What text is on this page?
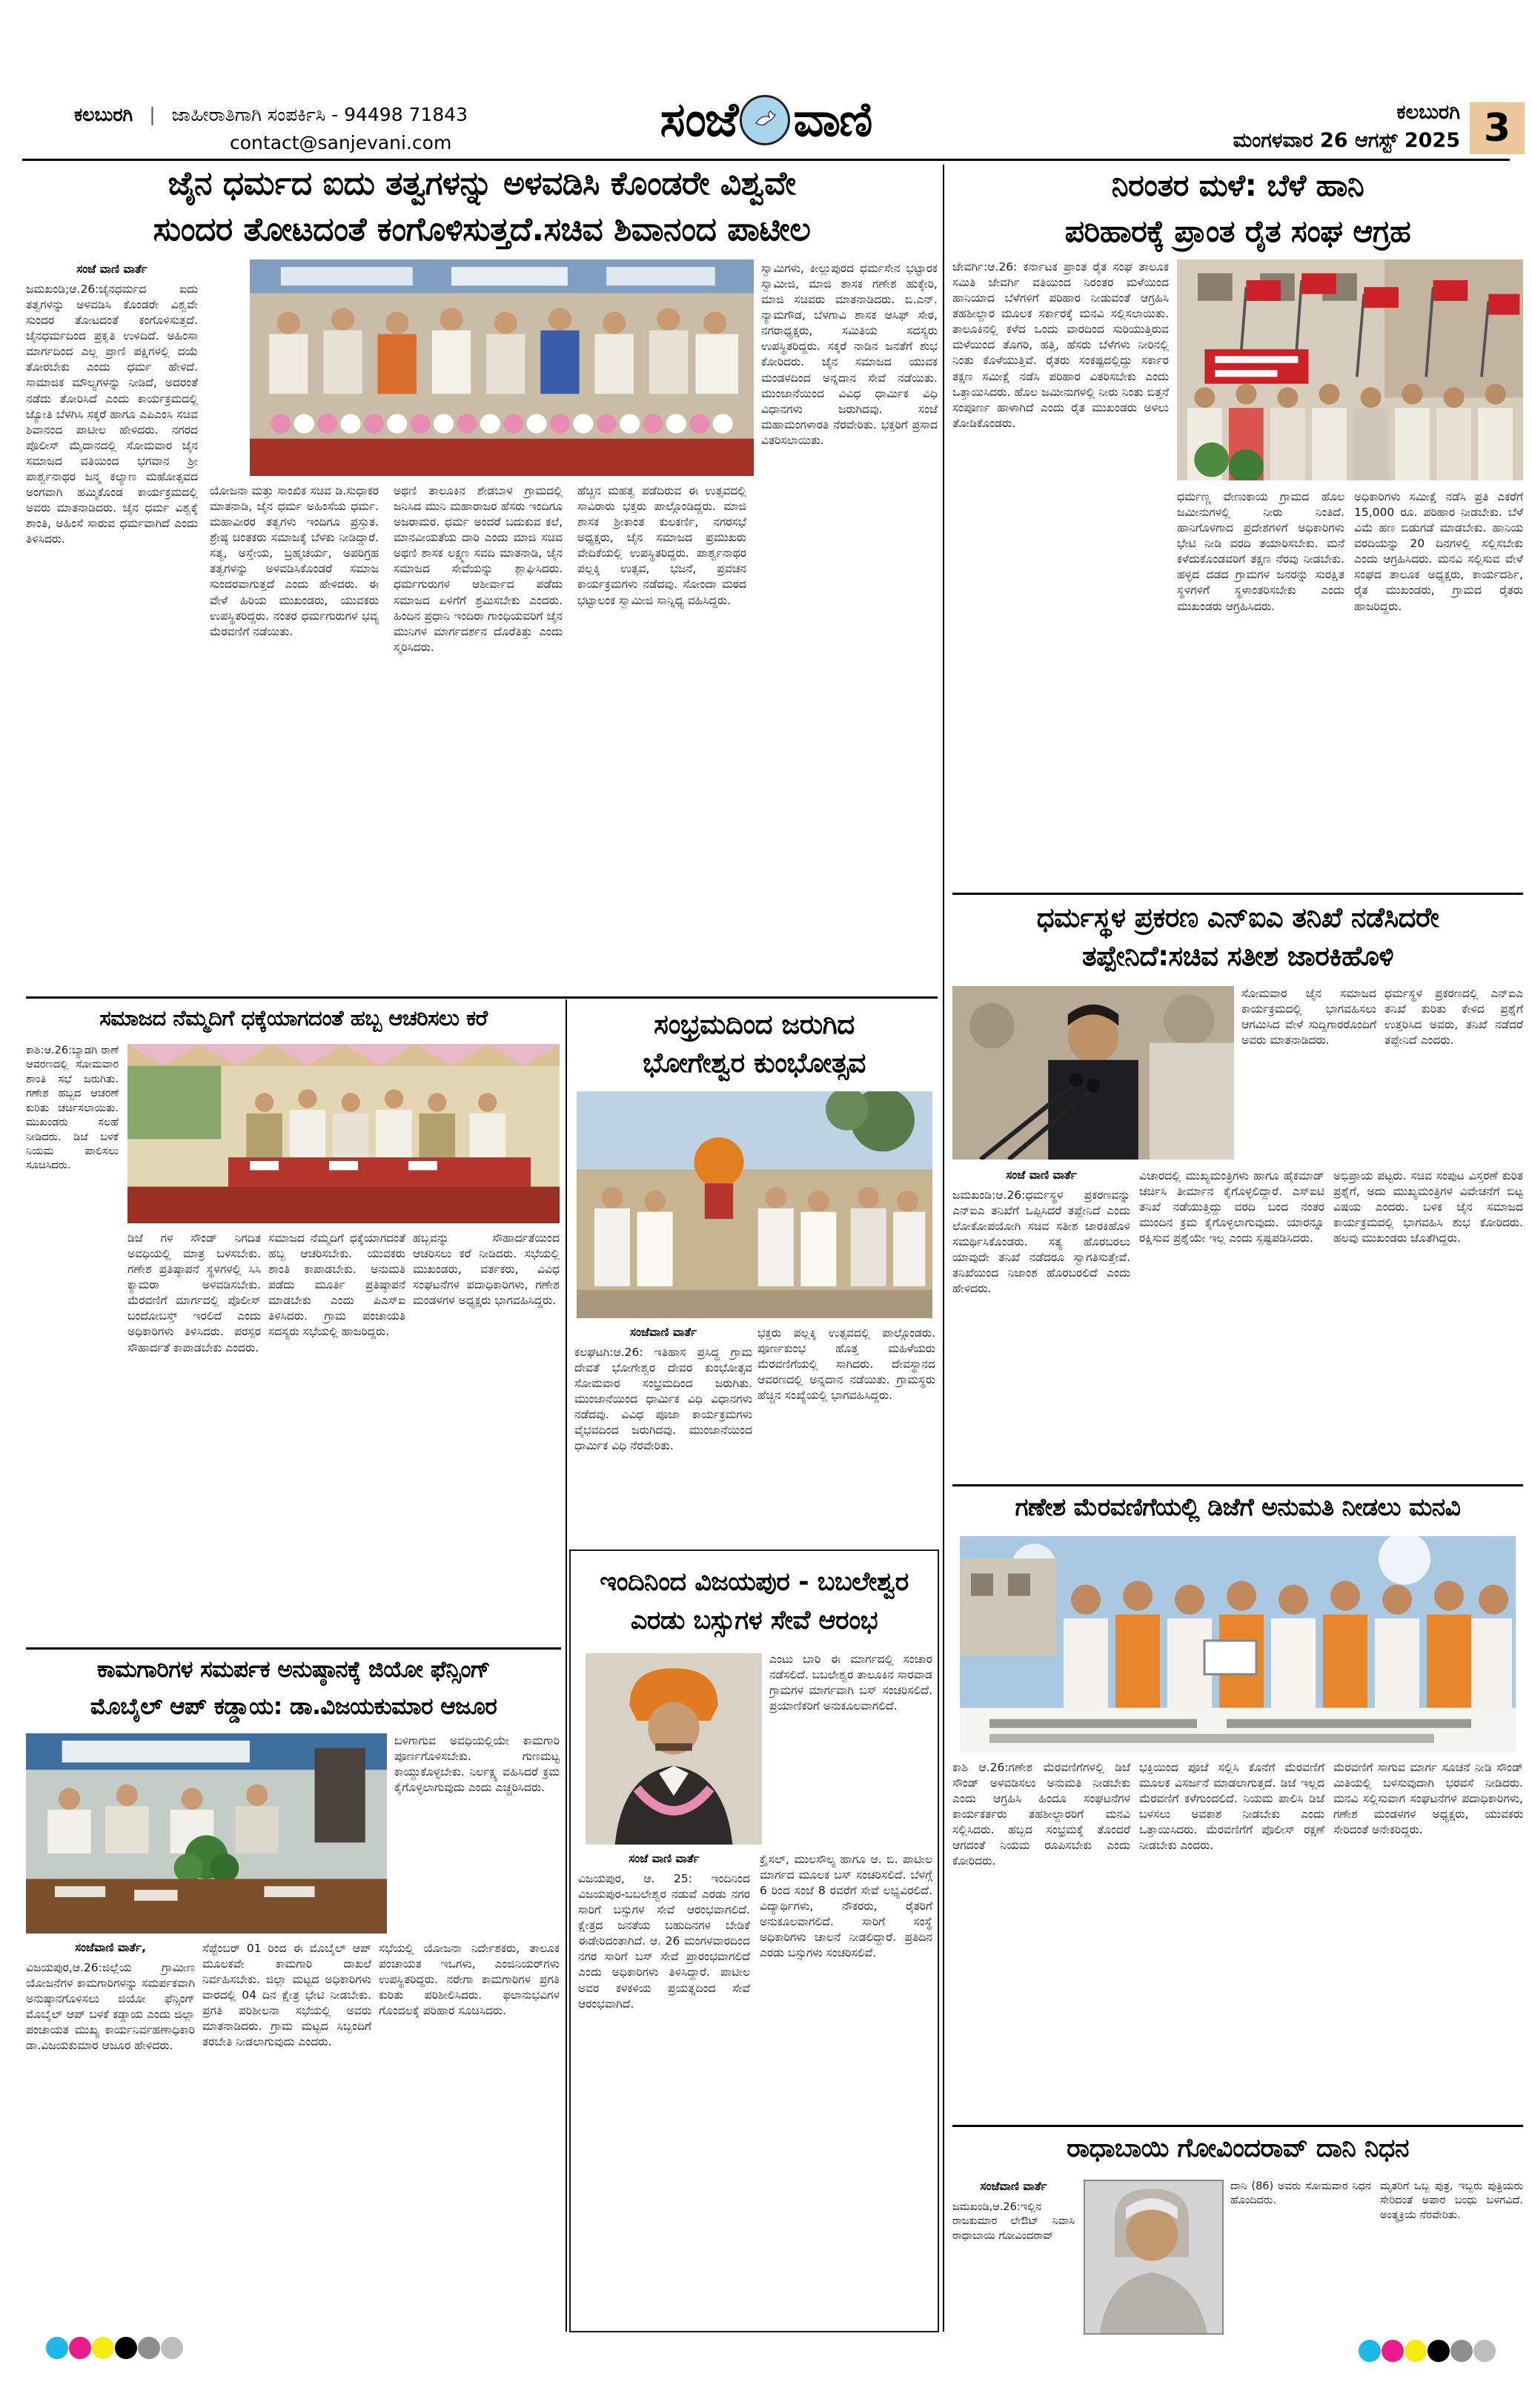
ಕಲಬುರಗಿ | ಜಾಹೀರಾತಿಗಾಗಿ ಸಂಪರ್ಕಿಸಿ - 94498 71843
contact@sanjevani.com	ಸಂಜೆ ವಾಣಿ	ಕಲಬುರಗಿ
ಮಂಗಳವಾರ 26 ಆಗಸ್ಟ್ 2025 3
ಜೈನ ಧರ್ಮದ ಐದು ತತ್ವಗಳನ್ನು ಅಳವಡಿಸಿ ಕೊಂಡರೇ ವಿಶ್ವವೇ
ಸುಂದರ ತೋಟದಂತೆ ಕಂಗೊಳಿಸುತ್ತದೆ.ಸಚಿವ ಶಿವಾನಂದ ಪಾಟೀಲ
ಸಂಜೆ ವಾಣಿ ವಾರ್ತೆ
ಜಮಖಂಡಿ;ಆ.26:ಜೈನಧರ್ಮದ ಐದು ತತ್ವಗಳನ್ನು ಅಳವಡಿಸಿ ಕೊಂಡರೇ ವಿಶ್ವವೇ ಸುಂದರ ತೋಟದಂತೆ ಕಂಗೊಳಿಸುತ್ತದೆ. ಜೈನಧರ್ಮದಿಂದ ಪ್ರಕೃತಿ ಉಳಿದಿದೆ. ಅಹಿಂಸಾ ಮಾರ್ಗದಿಂದ ಎಲ್ಲ ಪ್ರಾಣಿ ಪಕ್ಷಿಗಳಲ್ಲಿ ದಯೆ ತೋರಬೇಕು ಎಂದು ಧರ್ಮ ಹೇಳಿದೆ. ಸಾಮಾಜಿಕ ಮೌಲ್ಯಗಳನ್ನು ನೀಡಿದೆ, ಅದರಂತೆ ನಡೆದು ತೋರಿಸಿದೆ ಎಂದು ಕಾರ್ಯಕ್ರಮದಲ್ಲಿ ಜ್ಯೋತಿ ಬೆಳಗಿಸಿ ಸಕ್ಕರೆ ಹಾಗೂ ಎಪಿಎಂಸಿ ಸಚಿವ ಶಿವಾನಂದ ಪಾಟೀಲ ಹೇಳಿದರು. ನಗರದ ಪೊಲೀಸ್ ಮೈದಾನದಲ್ಲಿ ಸೋಮವಾರ ಜೈನ ಸಮಾಜದ ವತಿಯಿಂದ ಭಗವಾನ ಶ್ರೀ ಪಾರ್ಶ್ವನಾಥರ ಜನ್ಮ ಕಲ್ಯಾಣ ಮಹೋತ್ಸವದ ಅಂಗವಾಗಿ ಹಮ್ಮಿಕೊಂಡ ಕಾರ್ಯಕ್ರಮದಲ್ಲಿ ಅವರು ಮಾತನಾಡಿದರು. ಜೈನ ಧರ್ಮ ವಿಶ್ವಕ್ಕೆ ಶಾಂತಿ, ಅಹಿಂಸೆ ಸಾರುವ ಧರ್ಮವಾಗಿದೆ ಎಂದು ತಿಳಿಸಿದರು.
ಯೋಜನಾ ಮತ್ತು ಸಾಂಖಿಕ ಸಚಿವ ಡಿ.ಸುಧಾಕರ ಮಾತನಾಡಿ, ಜೈನ ಧರ್ಮ ಅಹಿಂಸೆಯ ಧರ್ಮ. ಮಹಾವೀರರ ತತ್ವಗಳು ಇಂದಿಗೂ ಪ್ರಸ್ತುತ. ಶ್ರೇಷ್ಠ ಚಿಂತಕರು ಸಮಾಜಕ್ಕೆ ಬೆಳಕು ನೀಡಿದ್ದಾರೆ. ಸತ್ಯ, ಅಸ್ತೇಯ, ಬ್ರಹ್ಮಚರ್ಯ, ಅಪರಿಗ್ರಹ ತತ್ವಗಳನ್ನು ಅಳವಡಿಸಿಕೊಂಡರೆ ಸಮಾಜ ಸುಂದರವಾಗುತ್ತದೆ ಎಂದು ಹೇಳಿದರು. ಈ ವೇಳೆ ಹಿರಿಯ ಮುಖಂಡರು, ಯುವಕರು ಉಪಸ್ಥಿತರಿದ್ದರು. ನಂತರ ಧರ್ಮಗುರುಗಳ ಭವ್ಯ ಮೆರವಣಿಗೆ ನಡೆಯಿತು.
ಅಥಣಿ ತಾಲೂಕಿನ ಶೇಡಬಾಳ ಗ್ರಾಮದಲ್ಲಿ ಜನಿಸಿದ ಮುನಿ ಮಹಾರಾಜರ ಹೆಸರು ಇಂದಿಗೂ ಅಜರಾಮರ. ಧರ್ಮ ಅಂದರೆ ಬದುಕುವ ಕಲೆ, ಮಾನವೀಯತೆಯ ದಾರಿ ಎಂದು ಮಾಜಿ ಸಚಿವ ಅಥಣಿ ಶಾಸಕ ಲಕ್ಷ್ಮಣ ಸವದಿ ಮಾತನಾಡಿ, ಜೈನ ಸಮಾಜದ ಸೇವೆಯನ್ನು ಶ್ಲಾಘಿಸಿದರು. ಧರ್ಮಗುರುಗಳ ಆಶೀರ್ವಾದ ಪಡೆದು ಸಮಾಜದ ಏಳಿಗೆಗೆ ಶ್ರಮಿಸಬೇಕು ಎಂದರು. ಹಿಂದಿನ ಪ್ರಧಾನಿ ಇಂದಿರಾ ಗಾಂಧಿಯವರಿಗೆ ಜೈನ ಮುನಿಗಳ ಮಾರ್ಗದರ್ಶನ ದೊರೆತಿತ್ತು ಎಂದು ಸ್ಮರಿಸಿದರು.
ಹೆಚ್ಚಿನ ಮಹತ್ವ ಪಡೆದಿರುವ ಈ ಉತ್ಸವದಲ್ಲಿ ಸಾವಿರಾರು ಭಕ್ತರು ಪಾಲ್ಗೊಂಡಿದ್ದರು. ಮಾಜಿ ಶಾಸಕ ಶ್ರೀಕಾಂತ ಕುಲಕರ್ಣಿ, ನಗರಸಭೆ ಅಧ್ಯಕ್ಷರು, ಜೈನ ಸಮಾಜದ ಪ್ರಮುಖರು ವೇದಿಕೆಯಲ್ಲಿ ಉಪಸ್ಥಿತರಿದ್ದರು. ಪಾರ್ಶ್ವನಾಥರ ಪಲ್ಲಕ್ಕಿ ಉತ್ಸವ, ಭಜನೆ, ಪ್ರವಚನ ಕಾರ್ಯಕ್ರಮಗಳು ನಡೆದವು. ಸೋಂದಾ ಮಠದ ಭಟ್ಟಾಲಂಕ ಸ್ವಾಮೀಜಿ ಸಾನ್ನಿಧ್ಯ ವಹಿಸಿದ್ದರು.
ಸ್ವಾಮಿಗಳು, ಕೀಲ್ಲುಪುರದ ಧರ್ಮಸೇನ ಭಟ್ಟಾರಕ ಸ್ವಾಮೀಜಿ, ಮಾಜಿ ಶಾಸಕ ಗಣೇಶ ಹುಕ್ಕೇರಿ, ಮಾಜಿ ಸಚಿವರು ಮಾತನಾಡಿದರು. ಬಿ.ಎನ್. ನ್ಯಾಮಗೌಡ, ಬೆಳಗಾವಿ ಶಾಸಕ ಆಸಿಫ್ ಸೇಠ, ನಗರಾಧ್ಯಕ್ಷರು, ಸಮಿತಿಯ ಸದಸ್ಯರು ಉಪಸ್ಥಿತರಿದ್ದರು. ಸಕ್ಕರೆ ನಾಡಿನ ಜನತೆಗೆ ಶುಭ ಕೋರಿದರು. ಜೈನ ಸಮಾಜದ ಯುವಕ ಮಂಡಳದಿಂದ ಅನ್ನದಾನ ಸೇವೆ ನಡೆಯಿತು. ಮುಂಜಾನೆಯಿಂದ ವಿವಿಧ ಧಾರ್ಮಿಕ ವಿಧಿ ವಿಧಾನಗಳು ಜರುಗಿದವು. ಸಂಜೆ ಮಹಾಮಂಗಳಾರತಿ ನೆರವೇರಿತು. ಭಕ್ತರಿಗೆ ಪ್ರಸಾದ ವಿತರಿಸಲಾಯಿತು.
ಸಮಾಜದ ನೆಮ್ಮದಿಗೆ ಧಕ್ಕೆಯಾಗದಂತೆ ಹಬ್ಬ ಆಚರಿಸಲು ಕರೆ
ಕಾಶಿ:ಆ.26:ಬ್ಯಾಡಗಿ ಠಾಣೆ ಆವರಣದಲ್ಲಿ ಸೋಮವಾರ ಶಾಂತಿ ಸಭೆ ಜರುಗಿತು. ಗಣೇಶ ಹಬ್ಬದ ಆಚರಣೆ ಕುರಿತು ಚರ್ಚಿಸಲಾಯಿತು. ಮುಖಂಡರು ಸಲಹೆ ನೀಡಿದರು. ಡಿಜೆ ಬಳಕೆ ನಿಯಮ ಪಾಲಿಸಲು ಸೂಚಿಸಿದರು.
ಡಿಜೆ ಗಳ ಸೌಂಡ್ ನಿಗದಿತ ಅವಧಿಯಲ್ಲಿ ಮಾತ್ರ ಬಳಸಬೇಕು. ಗಣೇಶ ಪ್ರತಿಷ್ಠಾಪನೆ ಸ್ಥಳಗಳಲ್ಲಿ ಸಿಸಿ ಕ್ಯಾಮರಾ ಅಳವಡಿಸಬೇಕು. ಮೆರವಣಿಗೆ ಮಾರ್ಗದಲ್ಲಿ ಪೊಲೀಸ್ ಬಂದೋಬಸ್ತ್ ಇರಲಿದೆ ಎಂದು ಅಧಿಕಾರಿಗಳು ತಿಳಿಸಿದರು. ಪರಸ್ಪರ ಸೌಹಾರ್ದತೆ ಕಾಪಾಡಬೇಕು ಎಂದರು.
ಸಮಾಜದ ನೆಮ್ಮದಿಗೆ ಧಕ್ಕೆಯಾಗದಂತೆ ಹಬ್ಬ ಆಚರಿಸಬೇಕು. ಯುವಕರು ಶಾಂತಿ ಕಾಪಾಡಬೇಕು. ಅನುಮತಿ ಪಡೆದು ಮೂರ್ತಿ ಪ್ರತಿಷ್ಠಾಪನೆ ಮಾಡಬೇಕು ಎಂದು ಪಿಎಸ್ಐ ತಿಳಿಸಿದರು. ಗ್ರಾಮ ಪಂಚಾಯತಿ ಸದಸ್ಯರು ಸಭೆಯಲ್ಲಿ ಹಾಜರಿದ್ದರು.
ಹಬ್ಬವನ್ನು ಸೌಹಾರ್ದತೆಯಿಂದ ಆಚರಿಸಲು ಕರೆ ನೀಡಿದರು. ಸಭೆಯಲ್ಲಿ ಮುಖಂಡರು, ವರ್ತಕರು, ವಿವಿಧ ಸಂಘಟನೆಗಳ ಪದಾಧಿಕಾರಿಗಳು, ಗಣೇಶ ಮಂಡಳಗಳ ಅಧ್ಯಕ್ಷರು ಭಾಗವಹಿಸಿದ್ದರು.
ಕಾಮಗಾರಿಗಳ ಸಮರ್ಪಕ ಅನುಷ್ಠಾನಕ್ಕೆ ಜಿಯೋ ಫೆನ್ಸಿಂಗ್
ಮೊಬೈಲ್ ಆಪ್ ಕಡ್ಡಾಯ: ಡಾ.ವಿಜಯಕುಮಾರ ಆಜೂರ
ಬಳಿಗಾಗುವ ಅವಧಿಯಲ್ಲಿಯೇ ಕಾಮಗಾರಿ ಪೂರ್ಣಗೊಳಿಸಬೇಕು. ಗುಣಮಟ್ಟ ಕಾಯ್ದುಕೊಳ್ಳಬೇಕು. ನಿರ್ಲಕ್ಷ್ಯ ವಹಿಸಿದರೆ ಕ್ರಮ ಕೈಗೊಳ್ಳಲಾಗುವುದು ಎಂದು ಎಚ್ಚರಿಸಿದರು.
ಸಂಜೆವಾಣಿ ವಾರ್ತೆ,
ವಿಜಯಪುರ,ಆ.26:ಜಿಲ್ಲೆಯ ಗ್ರಾಮೀಣ ಯೋಜನೆಗಳ ಕಾಮಗಾರಿಗಳನ್ನು ಸಮರ್ಪಕವಾಗಿ ಅನುಷ್ಠಾನಗೊಳಿಸಲು ಜಿಯೋ ಫೆನ್ಸಿಂಗ್ ಮೊಬೈಲ್ ಆಪ್ ಬಳಕೆ ಕಡ್ಡಾಯ ಎಂದು ಜಿಲ್ಲಾ ಪಂಚಾಯತ ಮುಖ್ಯ ಕಾರ್ಯನಿರ್ವಹಣಾಧಿಕಾರಿ ಡಾ.ವಿಜಯಕುಮಾರ ಆಜೂರ ಹೇಳಿದರು.
ಸೆಪ್ಟೆಂಬರ್ 01 ರಿಂದ ಈ ಮೊಬೈಲ್ ಆಪ್ ಮೂಲಕವೇ ಕಾಮಗಾರಿ ದಾಖಲೆ ನಿರ್ವಹಿಸಬೇಕು. ಜಿಲ್ಲಾ ಮಟ್ಟದ ಅಧಿಕಾರಿಗಳು ವಾರದಲ್ಲಿ 04 ದಿನ ಕ್ಷೇತ್ರ ಭೇಟಿ ನೀಡಬೇಕು. ಪ್ರಗತಿ ಪರಿಶೀಲನಾ ಸಭೆಯಲ್ಲಿ ಅವರು ಮಾತನಾಡಿದರು. ಗ್ರಾಮ ಮಟ್ಟದ ಸಿಬ್ಬಂದಿಗೆ ತರಬೇತಿ ನೀಡಲಾಗುವುದು ಎಂದರು.
ಸಭೆಯಲ್ಲಿ ಯೋಜನಾ ನಿರ್ದೇಶಕರು, ತಾಲೂಕ ಪಂಚಾಯತ ಇಒಗಳು, ಎಂಜಿನಿಯರ್‌ಗಳು ಉಪಸ್ಥಿತರಿದ್ದರು. ನರೇಗಾ ಕಾಮಗಾರಿಗಳ ಪ್ರಗತಿ ಕುರಿತು ಪರಿಶೀಲಿಸಿದರು. ಫಲಾನುಭವಿಗಳ ಗೊಂದಲಕ್ಕೆ ಪರಿಹಾರ ಸೂಚಿಸಿದರು.
ಸಂಭ್ರಮದಿಂದ ಜರುಗಿದ
ಭೋಗೇಶ್ವರ ಕುಂಭೋತ್ಸವ
ಸಂಜೆವಾಣಿ ವಾರ್ತೆ
ಕಲಘಟಗಿ:ಆ.26: ಇತಿಹಾಸ ಪ್ರಸಿದ್ಧ ಗ್ರಾಮ ದೇವತೆ ಭೋಗೇಶ್ವರ ದೇವರ ಕುಂಭೋತ್ಸವ ಸೋಮವಾರ ಸಂಭ್ರಮದಿಂದ ಜರುಗಿತು. ಮುಂಜಾನೆಯಿಂದ ಧಾರ್ಮಿಕ ವಿಧಿ ವಿಧಾನಗಳು ನಡೆದವು. ವಿವಿಧ ಪೂಜಾ ಕಾರ್ಯಕ್ರಮಗಳು ವೈಭವದಿಂದ ಜರುಗಿದವು. ಮುಂಜಾನೆಯಿಂದ ಧಾರ್ಮಿಕ ವಿಧಿ ನೆರವೇರಿತು.
ಭಕ್ತರು ಪಲ್ಲಕ್ಕಿ ಉತ್ಸವದಲ್ಲಿ ಪಾಲ್ಗೊಂಡರು. ಪೂರ್ಣಕುಂಭ ಹೊತ್ತ ಮಹಿಳೆಯರು ಮೆರವಣಿಗೆಯಲ್ಲಿ ಸಾಗಿದರು. ದೇವಸ್ಥಾನದ ಆವರಣದಲ್ಲಿ ಅನ್ನದಾನ ನಡೆಯಿತು. ಗ್ರಾಮಸ್ಥರು ಹೆಚ್ಚಿನ ಸಂಖ್ಯೆಯಲ್ಲಿ ಭಾಗವಹಿಸಿದ್ದರು.
ಇಂದಿನಿಂದ ವಿಜಯಪುರ - ಬಬಲೇಶ್ವರ
ಎರಡು ಬಸ್ಸುಗಳ ಸೇವೆ ಆರಂಭ
ಎಂಟು ಬಾರಿ ಈ ಮಾರ್ಗದಲ್ಲಿ ಸಂಚಾರ ನಡೆಸಲಿದೆ. ಬಬಲೇಶ್ವರ ತಾಲೂಕಿನ ಸಾರವಾಡ ಗ್ರಾಮಗಳ ಮಾರ್ಗವಾಗಿ ಬಸ್ ಸಂಚರಿಸಲಿದೆ. ಪ್ರಯಾಣಿಕರಿಗೆ ಅನುಕೂಲವಾಗಲಿದೆ.
ಸಂಜೆ ವಾಣಿ ವಾರ್ತೆ
ವಿಜಯಪುರ, ಆ. 25: ಇಂದಿನಿಂದ ವಿಜಯಪುರ-ಬಬಲೇಶ್ವರ ನಡುವೆ ಎರಡು ನಗರ ಸಾರಿಗೆ ಬಸ್ಸುಗಳ ಸೇವೆ ಆರಂಭವಾಗಲಿದೆ. ಕ್ಷೇತ್ರದ ಜನತೆಯ ಬಹುದಿನಗಳ ಬೇಡಿಕೆ ಈಡೇರಿದಂತಾಗಿದೆ. ಆ. 26 ಮಂಗಳವಾರದಿಂದ ನಗರ ಸಾರಿಗೆ ಬಸ್ ಸೇವೆ ಪ್ರಾರಂಭವಾಗಲಿದೆ ಎಂದು ಅಧಿಕಾರಿಗಳು ತಿಳಿಸಿದ್ದಾರೆ. ಪಾಟೀಲ ಅವರ ಕಳಕಳಿಯ ಪ್ರಯತ್ನದಿಂದ ಸೇವೆ ಆರಂಭವಾಗಿದೆ.
ಕ್ರೈಸಲ್, ಮುಲಸೌಲ್ಯ ಹಾಗೂ ಆ. ಬಿ. ಪಾಟೀಲ ಮಾರ್ಗದ ಮೂಲಕ ಬಸ್ ಸಂಚರಿಸಲಿದೆ. ಬೆಳಗ್ಗೆ 6 ರಿಂದ ಸಂಜೆ 8 ರವರೆಗೆ ಸೇವೆ ಲಭ್ಯವಿರಲಿದೆ. ವಿದ್ಯಾರ್ಥಿಗಳು, ನೌಕರರು, ರೈತರಿಗೆ ಅನುಕೂಲವಾಗಲಿದೆ. ಸಾರಿಗೆ ಸಂಸ್ಥೆ ಅಧಿಕಾರಿಗಳು ಚಾಲನೆ ನೀಡಲಿದ್ದಾರೆ. ಪ್ರತಿದಿನ ಎರಡು ಬಸ್ಸುಗಳು ಸಂಚರಿಸಲಿವೆ.
ನಿರಂತರ ಮಳೆ: ಬೆಳೆ ಹಾನಿ
ಪರಿಹಾರಕ್ಕೆ ಪ್ರಾಂತ ರೈತ ಸಂಘ ಆಗ್ರಹ
ಜೇವರ್ಗಿ:ಆ.26: ಕರ್ನಾಟಕ ಪ್ರಾಂತ ರೈತ ಸಂಘ ತಾಲೂಕ ಸಮಿತಿ ಜೇವರ್ಗಿ ವತಿಯಿಂದ ನಿರಂತರ ಮಳೆಯಿಂದ ಹಾನಿಯಾದ ಬೆಳೆಗಳಿಗೆ ಪರಿಹಾರ ನೀಡುವಂತೆ ಆಗ್ರಹಿಸಿ ತಹಶೀಲ್ದಾರ ಮೂಲಕ ಸರ್ಕಾರಕ್ಕೆ ಮನವಿ ಸಲ್ಲಿಸಲಾಯಿತು. ತಾಲೂಕಿನಲ್ಲಿ ಕಳೆದ ಒಂದು ವಾರದಿಂದ ಸುರಿಯುತ್ತಿರುವ ಮಳೆಯಿಂದ ತೊಗರಿ, ಹತ್ತಿ, ಹೆಸರು ಬೆಳೆಗಳು ನೀರಿನಲ್ಲಿ ನಿಂತು ಕೊಳೆಯುತ್ತಿವೆ. ರೈತರು ಸಂಕಷ್ಟದಲ್ಲಿದ್ದು ಸರ್ಕಾರ ತಕ್ಷಣ ಸಮೀಕ್ಷೆ ನಡೆಸಿ ಪರಿಹಾರ ವಿತರಿಸಬೇಕು ಎಂದು ಒತ್ತಾಯಿಸಿದರು. ಹೊಲ ಜಮೀನುಗಳಲ್ಲಿ ನೀರು ನಿಂತು ಬಿತ್ತನೆ ಸಂಪೂರ್ಣ ಹಾಳಾಗಿದೆ ಎಂದು ರೈತ ಮುಖಂಡರು ಅಳಲು ತೋಡಿಕೊಂಡರು.
ಧರ್ಮಣ್ಣ ವೇಣುಕಾಯ ಗ್ರಾಮದ ಹೊಲ ಜಮೀನುಗಳಲ್ಲಿ ನೀರು ನಿಂತಿದೆ. ಹಾನಿಗೊಳಗಾದ ಪ್ರದೇಶಗಳಿಗೆ ಅಧಿಕಾರಿಗಳು ಭೇಟಿ ನೀಡಿ ವರದಿ ತಯಾರಿಸಬೇಕು. ಮನೆ ಕಳೆದುಕೊಂಡವರಿಗೆ ತಕ್ಷಣ ನೆರವು ನೀಡಬೇಕು. ಹಳ್ಳದ ದಡದ ಗ್ರಾಮಗಳ ಜನರನ್ನು ಸುರಕ್ಷಿತ ಸ್ಥಳಗಳಿಗೆ ಸ್ಥಳಾಂತರಿಸಬೇಕು ಎಂದು ಮುಖಂಡರು ಆಗ್ರಹಿಸಿದರು.
ಅಧಿಕಾರಿಗಳು ಸಮೀಕ್ಷೆ ನಡೆಸಿ ಪ್ರತಿ ಎಕರೆಗೆ 15,000 ರೂ. ಪರಿಹಾರ ನೀಡಬೇಕು. ಬೆಳೆ ವಿಮೆ ಹಣ ಬಿಡುಗಡೆ ಮಾಡಬೇಕು. ಹಾನಿಯ ವರದಿಯನ್ನು 20 ದಿನಗಳಲ್ಲಿ ಸಲ್ಲಿಸಬೇಕು ಎಂದು ಆಗ್ರಹಿಸಿದರು. ಮನವಿ ಸಲ್ಲಿಸುವ ವೇಳೆ ಸಂಘದ ತಾಲೂಕ ಅಧ್ಯಕ್ಷರು, ಕಾರ್ಯದರ್ಶಿ, ರೈತ ಮುಖಂಡರು, ಗ್ರಾಮದ ರೈತರು ಹಾಜರಿದ್ದರು.
ಧರ್ಮಸ್ಥಳ ಪ್ರಕರಣ ಎನ್‌ಐಎ ತನಿಖೆ ನಡೆಸಿದರೇ
ತಪ್ಪೇನಿದೆ:ಸಚಿವ ಸತೀಶ ಜಾರಕಿಹೊಳಿ
ಸೋಮವಾರ ಜೈನ ಸಮಾಜದ ಕಾರ್ಯಕ್ರಮದಲ್ಲಿ ಭಾಗವಹಿಸಲು ಆಗಮಿಸಿದ ವೇಳೆ ಸುದ್ದಿಗಾರರೊಂದಿಗೆ ಅವರು ಮಾತನಾಡಿದರು.
ಧರ್ಮಸ್ಥಳ ಪ್ರಕರಣದಲ್ಲಿ ಎನ್‌ಐಎ ತನಿಖೆ ಕುರಿತು ಕೇಳಿದ ಪ್ರಶ್ನೆಗೆ ಉತ್ತರಿಸಿದ ಅವರು, ತನಿಖೆ ನಡೆದರೆ ತಪ್ಪೇನಿದೆ ಎಂದರು.
ಸಂಜೆ ವಾಣಿ ವಾರ್ತೆ
ಜಮಖಂಡಿ:ಆ.26:ಧರ್ಮಸ್ಥಳ ಪ್ರಕರಣವನ್ನು ಎನ್‌ಐಎ ತನಿಖೆಗೆ ಒಪ್ಪಿಸಿದರೆ ತಪ್ಪೇನಿದೆ ಎಂದು ಲೋಕೋಪಯೋಗಿ ಸಚಿವ ಸತೀಶ ಜಾರಕಿಹೊಳಿ ಸಮರ್ಥಿಸಿಕೊಂಡರು. ಸತ್ಯ ಹೊರಬರಲು ಯಾವುದೇ ತನಿಖೆ ನಡೆದರೂ ಸ್ವಾಗತಿಸುತ್ತೇವೆ. ತನಿಖೆಯಿಂದ ನಿಜಾಂಶ ಹೊರಬರಲಿದೆ ಎಂದು ಹೇಳಿದರು.
ವಿಚಾರದಲ್ಲಿ ಮುಖ್ಯಮಂತ್ರಿಗಳು ಹಾಗೂ ಹೈಕಮಾಡ್ ಚರ್ಚಿಸಿ ತೀರ್ಮಾನ ಕೈಗೊಳ್ಳಲಿದ್ದಾರೆ. ಎಸ್‌ಐಟಿ ತನಿಖೆ ನಡೆಯುತ್ತಿದ್ದು ವರದಿ ಬಂದ ನಂತರ ಮುಂದಿನ ಕ್ರಮ ಕೈಗೊಳ್ಳಲಾಗುವುದು. ಯಾರನ್ನೂ ರಕ್ಷಿಸುವ ಪ್ರಶ್ನೆಯೇ ಇಲ್ಲ ಎಂದು ಸ್ಪಷ್ಟಪಡಿಸಿದರು.
ಅಭಿಪ್ರಾಯ ಪಟ್ಟರು. ಸಚಿವ ಸಂಪುಟ ವಿಸ್ತರಣೆ ಕುರಿತ ಪ್ರಶ್ನೆಗೆ, ಅದು ಮುಖ್ಯಮಂತ್ರಿಗಳ ವಿವೇಚನೆಗೆ ಬಿಟ್ಟ ವಿಷಯ ಎಂದರು. ಬಳಿಕ ಜೈನ ಸಮಾಜದ ಕಾರ್ಯಕ್ರಮದಲ್ಲಿ ಭಾಗವಹಿಸಿ ಶುಭ ಕೋರಿದರು. ಹಲವು ಮುಖಂಡರು ಜೊತೆಗಿದ್ದರು.
ಗಣೇಶ ಮೆರವಣಿಗೆಯಲ್ಲಿ ಡಿಜೆಗೆ ಅನುಮತಿ ನೀಡಲು ಮನವಿ
ಕಾಶಿ ಆ.26:ಗಣೇಶ ಮೆರವಣಿಗೆಗಳಲ್ಲಿ ಡಿಜೆ ಸೌಂಡ್ ಅಳವಡಿಸಲು ಅನುಮತಿ ನೀಡಬೇಕು ಎಂದು ಆಗ್ರಹಿಸಿ ಹಿಂದೂ ಸಂಘಟನೆಗಳ ಕಾರ್ಯಕರ್ತರು ತಹಶೀಲ್ದಾರರಿಗೆ ಮನವಿ ಸಲ್ಲಿಸಿದರು. ಹಬ್ಬದ ಸಂಭ್ರಮಕ್ಕೆ ತೊಂದರೆ ಆಗದಂತೆ ನಿಯಮ ರೂಪಿಸಬೇಕು ಎಂದು ಕೋರಿದರು.
ಭಕ್ತಿಯಿಂದ ಪೂಜೆ ಸಲ್ಲಿಸಿ ಕೊನೆಗೆ ಮೆರವಣಿಗೆ ಮೂಲಕ ವಿಸರ್ಜನೆ ಮಾಡಲಾಗುತ್ತದೆ. ಡಿಜೆ ಇಲ್ಲದ ಮೆರವಣಿಗೆ ಕಳೆಗುಂದಲಿದೆ. ನಿಯಮ ಪಾಲಿಸಿ ಡಿಜೆ ಬಳಸಲು ಅವಕಾಶ ನೀಡಬೇಕು ಎಂದು ಒತ್ತಾಯಿಸಿದರು. ಮೆರವಣಿಗೆಗೆ ಪೊಲೀಸ್ ರಕ್ಷಣೆ ನೀಡಬೇಕು ಎಂದರು.
ಮೆರವಣಿಗೆ ಸಾಗುವ ಮಾರ್ಗ ಸೂಚನೆ ನೀಡಿ ಸೌಂಡ್ ಮಿತಿಯಲ್ಲಿ ಬಳಸುವುದಾಗಿ ಭರವಸೆ ನೀಡಿದರು. ಮನವಿ ಸಲ್ಲಿಸುವಾಗ ಸಂಘಟನೆಗಳ ಪದಾಧಿಕಾರಿಗಳು, ಗಣೇಶ ಮಂಡಳಗಳ ಅಧ್ಯಕ್ಷರು, ಯುವಕರು ಸೇರಿದಂತೆ ಅನೇಕರಿದ್ದರು.
ರಾಧಾಬಾಯಿ ಗೋವಿಂದರಾವ್ ದಾನಿ ನಿಧನ
ಸಂಜೆವಾಣಿ ವಾರ್ತೆ
ಜಮಖಂಡಿ,ಆ.26:ಇಲ್ಲಿನ ರಾಜಕುಮಾರ ಲೇಔಟ್ ನಿವಾಸಿ ರಾಧಾಬಾಯಿ ಗೋವಿಂದರಾವ್
ದಾನಿ (86) ಅವರು ಸೋಮವಾರ ನಿಧನ ಹೊಂದಿದರು.
ಮೃತರಿಗೆ ಒಬ್ಬ ಪುತ್ರ, ಇಬ್ಬರು ಪುತ್ರಿಯರು ಸೇರಿದಂತೆ ಅಪಾರ ಬಂಧು ಬಳಗವಿದೆ. ಅಂತ್ಯಕ್ರಿಯೆ ನೆರವೇರಿತು.
